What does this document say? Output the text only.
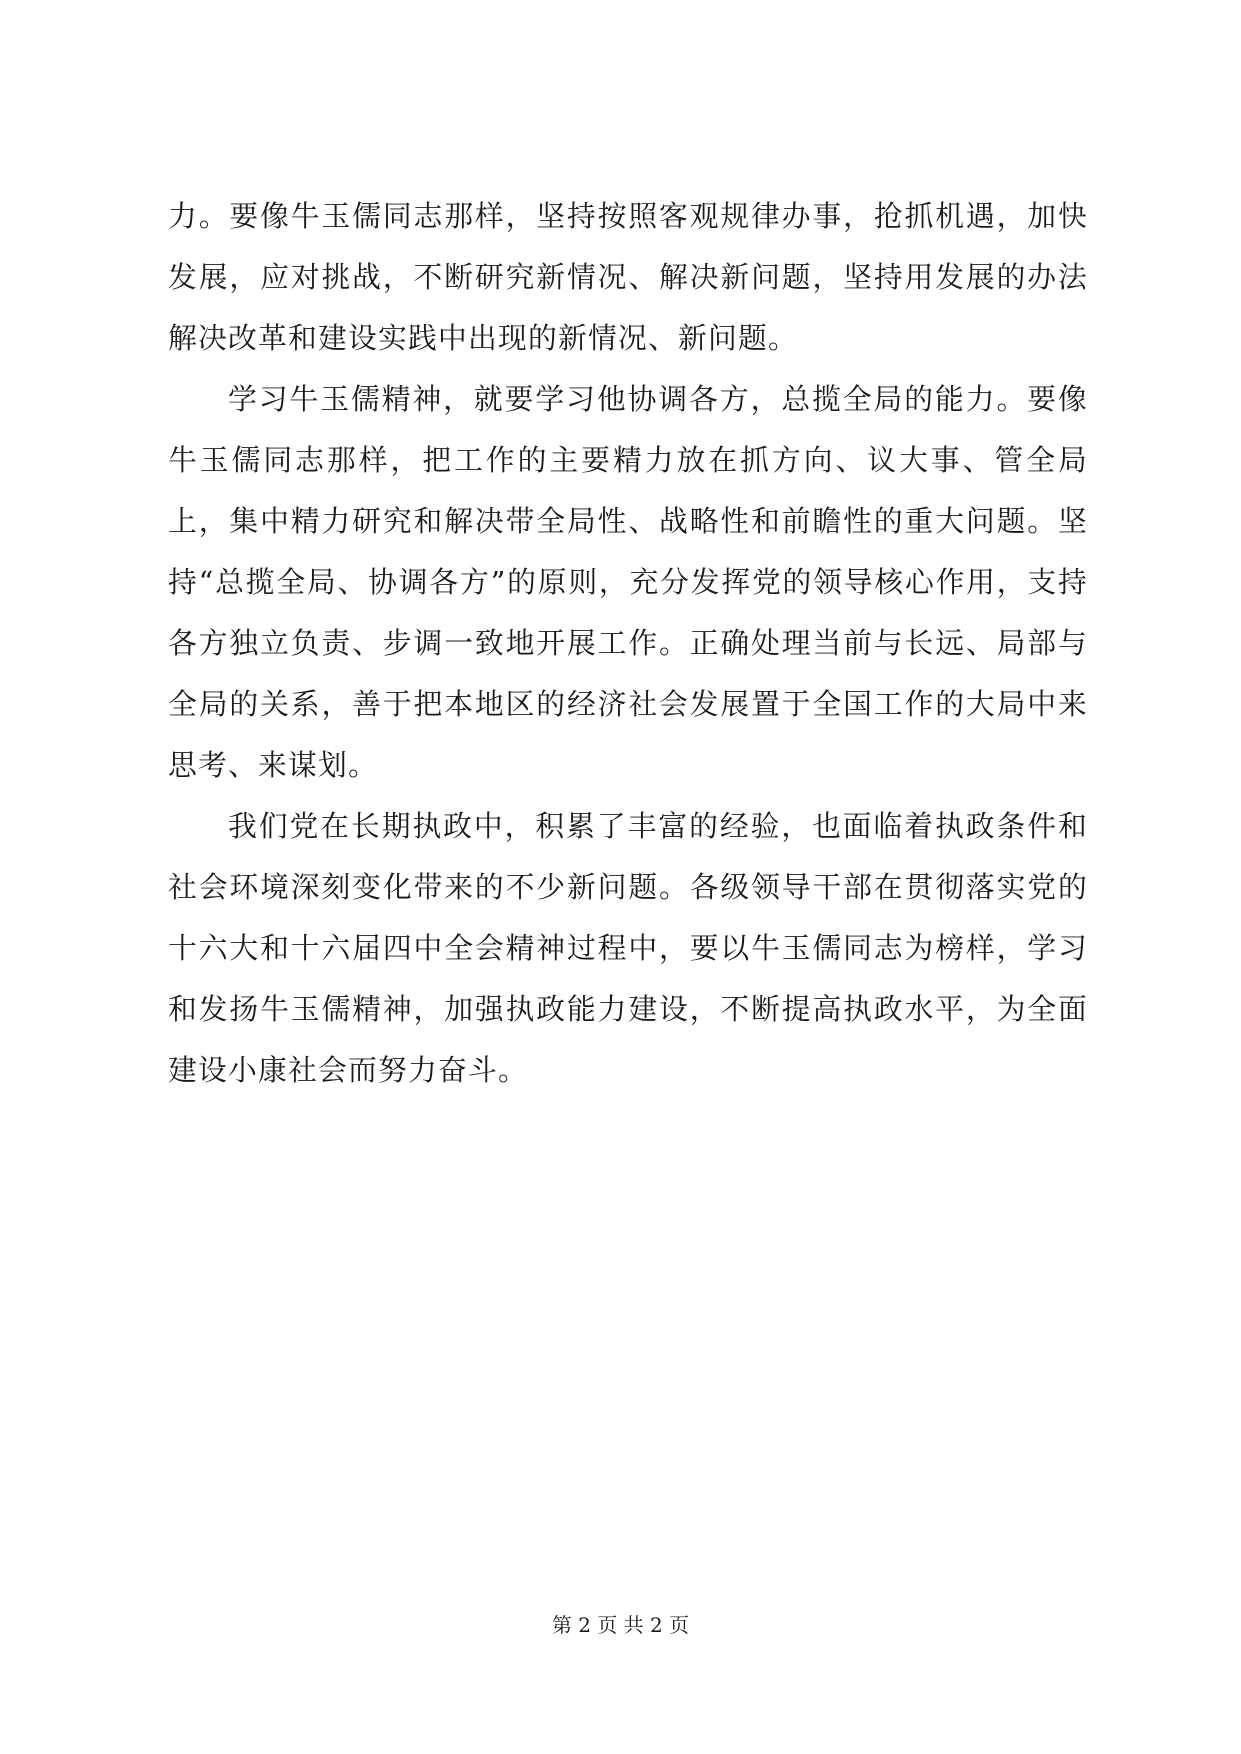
力。要像牛玉儒同志那样，坚持按照客观规律办事，抢抓机遇，加快发展，应对挑战，不断研究新情况、解决新问题，坚持用发展的办法解决改革和建设实践中出现的新情况、新问题。

学习牛玉儒精神，就要学习他协调各方，总揽全局的能力。要像牛玉儒同志那样，把工作的主要精力放在抓方向、议大事、管全局上，集中精力研究和解决带全局性、战略性和前瞻性的重大问题。坚持“总揽全局、协调各方”的原则，充分发挥党的领导核心作用，支持各方独立负责、步调一致地开展工作。正确处理当前与长远、局部与全局的关系，善于把本地区的经济社会发展置于全国工作的大局中来思考、来谋划。

我们党在长期执政中，积累了丰富的经验，也面临着执政条件和社会环境深刻变化带来的不少新问题。各级领导干部在贯彻落实党的十六大和十六届四中全会精神过程中，要以牛玉儒同志为榜样，学习和发扬牛玉儒精神，加强执政能力建设，不断提高执政水平，为全面建设小康社会而努力奋斗。

第 2 页 共 2 页
